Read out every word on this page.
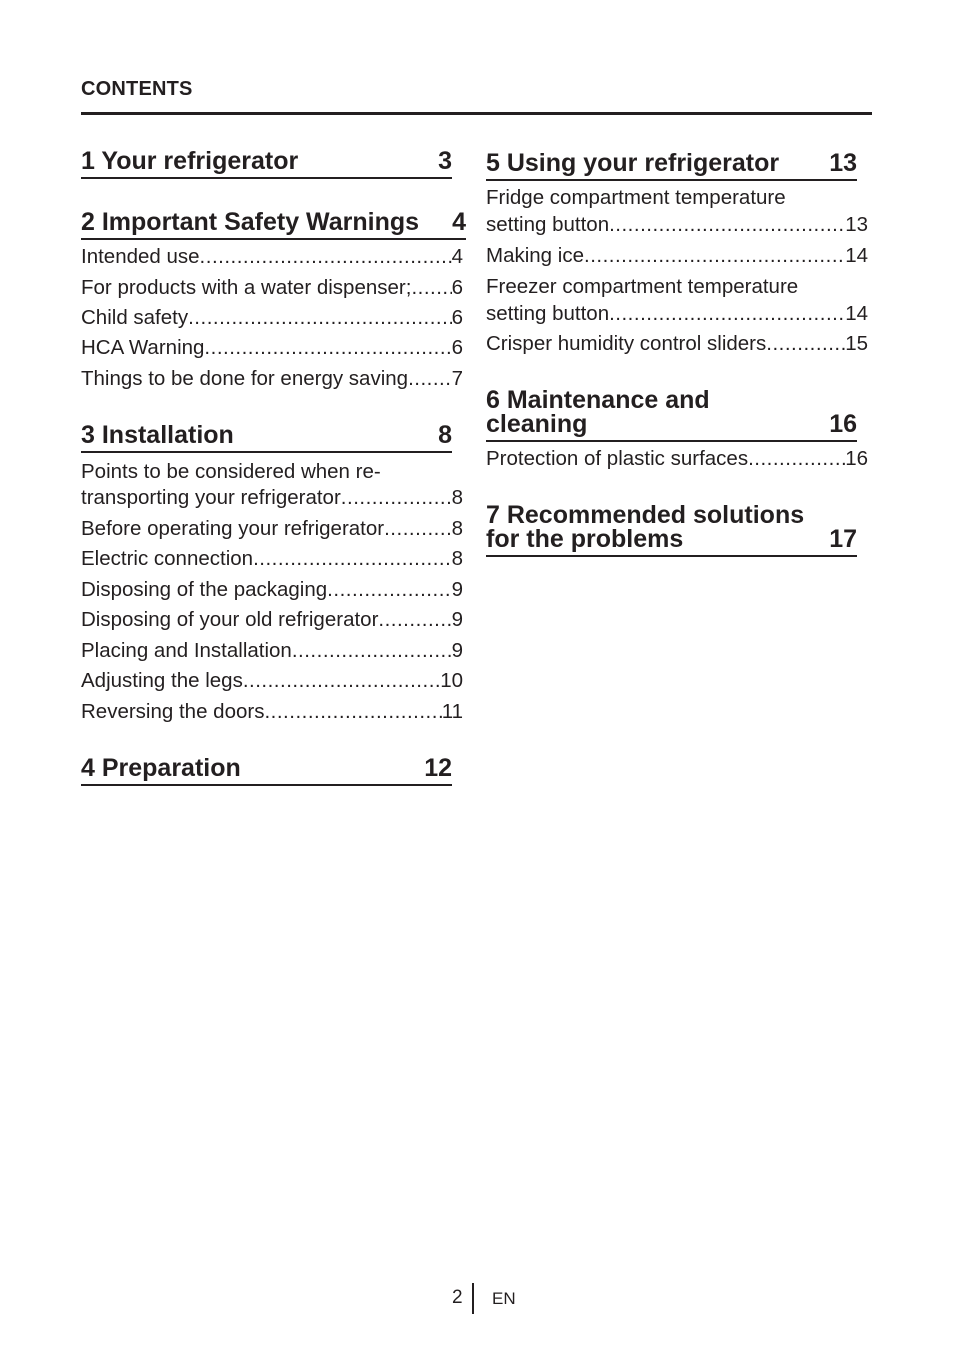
CONTENTS
1 Your refrigerator	3
2 Important Safety Warnings 4
Intended use .....	4
For products with a water dispenser; ..... 6
Child safety .....	6
HCA Warning .....	6
Things to be done for energy saving ..... 7
3 Installation	8
Points to be considered when re-
transporting your refrigerator .....	8
Before operating your refrigerator .....	8
Electric connection .....	8
Disposing of the packaging .....	9
Disposing of your old refrigerator .....	9
Placing and Installation .....	9
Adjusting the legs .....	10
Reversing the doors .....	11
4 Preparation	12
5 Using your refrigerator 13
Fridge compartment temperature
setting button .....	13
Making ice .....	14
Freezer compartment temperature
setting button .....	14
Crisper humidity control sliders .....	15
6 Maintenance and
cleaning	16
Protection of plastic surfaces .....	16
7 Recommended solutions
for the problems	17
2 EN
